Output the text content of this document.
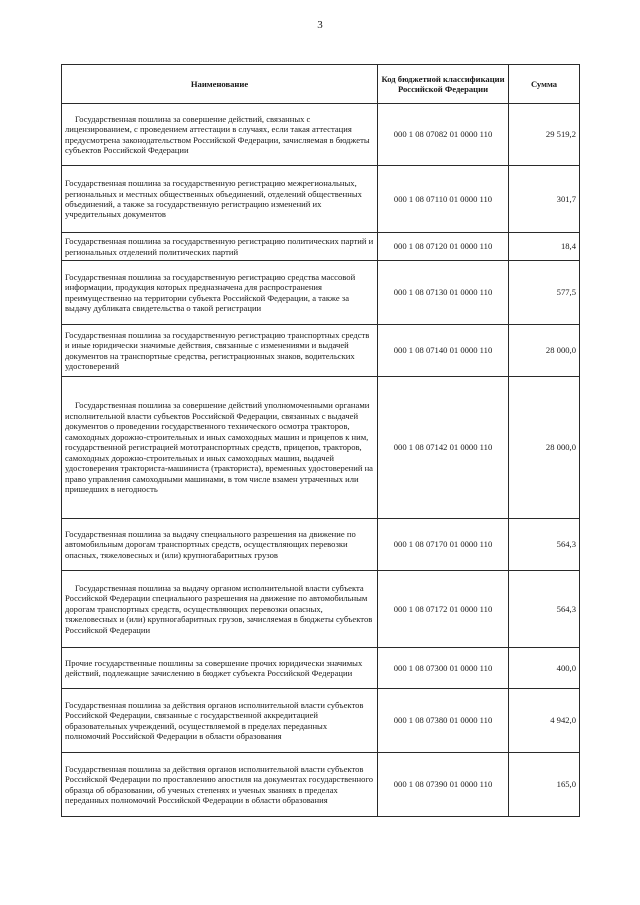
3
Наименование	Код бюджетной классификации Российской Федерации	Сумма
Государственная пошлина за совершение действий, связанных с лицензированием, с проведением аттестации в случаях, если такая аттестация предусмотрена законодательством Российской Федерации, зачисляемая в бюджеты субъектов Российской Федерации	000 1 08 07082 01 0000 110	29 519,2
Государственная пошлина за государственную регистрацию межрегиональных, региональных и местных общественных объединений, отделений общественных объединений, а также за государственную регистрацию изменений их учредительных документов	000 1 08 07110 01 0000 110	301,7
Государственная пошлина за государственную регистрацию политических партий и региональных отделений политических партий	000 1 08 07120 01 0000 110	18,4
Государственная пошлина за государственную регистрацию средства массовой информации, продукция которых предназначена для распространения преимущественно на территории субъекта Российской Федерации, а также за выдачу дубликата свидетельства о такой регистрации	000 1 08 07130 01 0000 110	577,5
Государственная пошлина за государственную регистрацию транспортных средств и иные юридически значимые действия, связанные с изменениями и выдачей документов на транспортные средства, регистрационных знаков, водительских удостоверений	000 1 08 07140 01 0000 110	28 000,0
Государственная пошлина за совершение действий уполномоченными органами исполнительной власти субъектов Российской Федерации, связанных с выдачей документов о проведении государственного технического осмотра тракторов, самоходных дорожно-строительных и иных самоходных машин и прицепов к ним, государственной регистрацией мототранспортных средств, прицепов, тракторов, самоходных дорожно-строительных и иных самоходных машин, выдачей удостоверения тракториста-машиниста (тракториста), временных удостоверений на право управления самоходными машинами, в том числе взамен утраченных или пришедших в негодность	000 1 08 07142 01 0000 110	28 000,0
Государственная пошлина за выдачу специального разрешения на движение по автомобильным дорогам транспортных средств, осуществляющих перевозки опасных, тяжеловесных и (или) крупногабаритных грузов	000 1 08 07170 01 0000 110	564,3
Государственная пошлина за выдачу органом исполнительной власти субъекта Российской Федерации специального разрешения на движение по автомобильным дорогам транспортных средств, осуществляющих перевозки опасных, тяжеловесных и (или) крупногабаритных грузов, зачисляемая в бюджеты субъектов Российской Федерации	000 1 08 07172 01 0000 110	564,3
Прочие государственные пошлины за совершение прочих юридически значимых действий, подлежащие зачислению в бюджет субъекта Российской Федерации	000 1 08 07300 01 0000 110	400,0
Государственная пошлина за действия органов исполнительной власти субъектов Российской Федерации, связанные с государственной аккредитацией образовательных учреждений, осуществляемой в пределах переданных полномочий Российской Федерации в области образования	000 1 08 07380 01 0000 110	4 942,0
Государственная пошлина за действия органов исполнительной власти субъектов Российской Федерации по проставлению апостиля на документах государственного образца об образовании, об ученых степенях и ученых званиях в пределах переданных полномочий Российской Федерации в области образования	000 1 08 07390 01 0000 110	165,0
